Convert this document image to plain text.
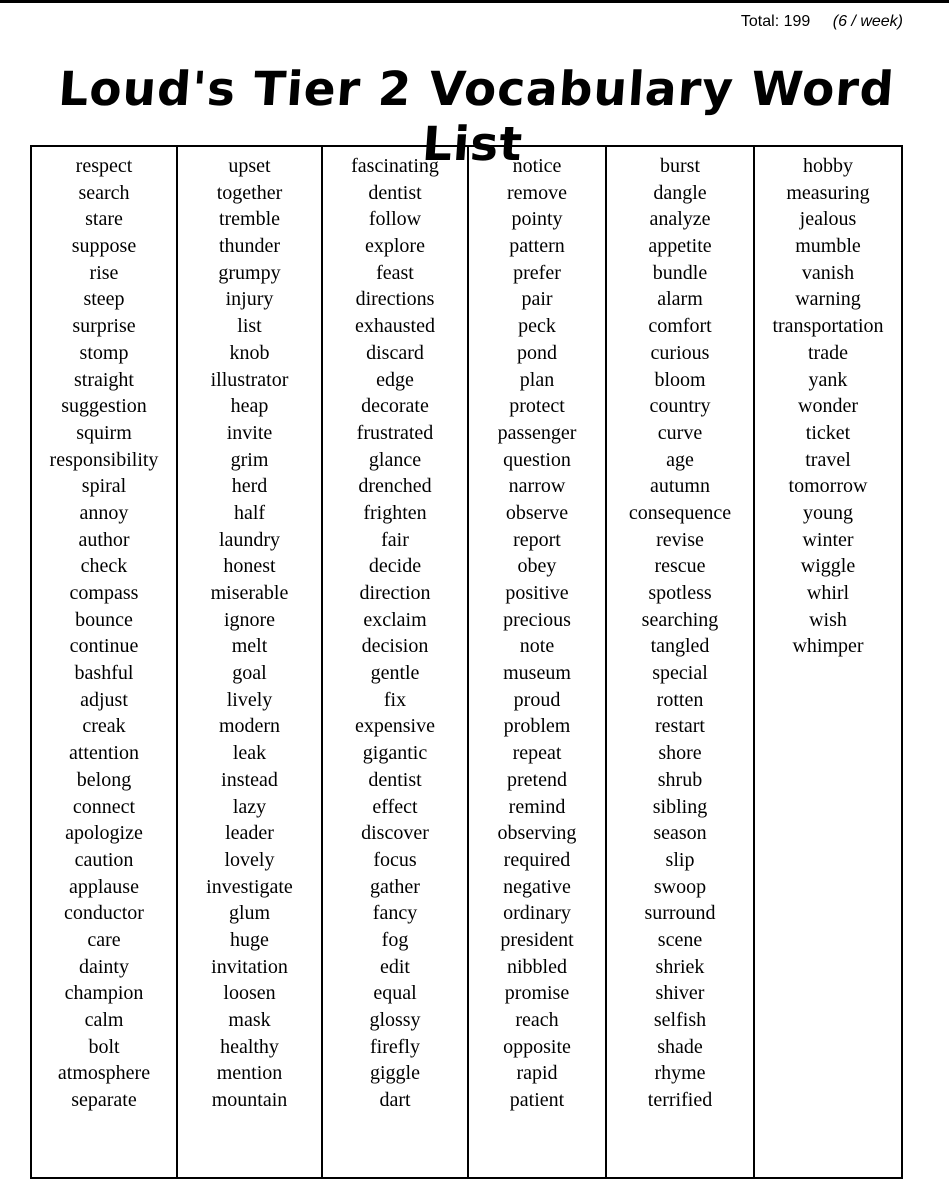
Total: 199 (6 / week)
Loud's Tier 2 Vocabulary Word List
respect
search
stare
suppose
rise
steep
surprise
stomp
straight
suggestion
squirm
responsibility
spiral
annoy
author
check
compass
bounce
continue
bashful
adjust
creak
attention
belong
connect
apologize
caution
applause
conductor
care
dainty
champion
calm
bolt
atmosphere
separate
upset
together
tremble
thunder
grumpy
injury
list
knob
illustrator
heap
invite
grim
herd
half
laundry
honest
miserable
ignore
melt
goal
lively
modern
leak
instead
lazy
leader
lovely
investigate
glum
huge
invitation
loosen
mask
healthy
mention
mountain
fascinating
dentist
follow
explore
feast
directions
exhausted
discard
edge
decorate
frustrated
glance
drenched
frighten
fair
decide
direction
exclaim
decision
gentle
fix
expensive
gigantic
dentist
effect
discover
focus
gather
fancy
fog
edit
equal
glossy
firefly
giggle
dart
notice
remove
pointy
pattern
prefer
pair
peck
pond
plan
protect
passenger
question
narrow
observe
report
obey
positive
precious
note
museum
proud
problem
repeat
pretend
remind
observing
required
negative
ordinary
president
nibbled
promise
reach
opposite
rapid
patient
burst
dangle
analyze
appetite
bundle
alarm
comfort
curious
bloom
country
curve
age
autumn
consequence
revise
rescue
spotless
searching
tangled
special
rotten
restart
shore
shrub
sibling
season
slip
swoop
surround
scene
shriek
shiver
selfish
shade
rhyme
terrified
hobby
measuring
jealous
mumble
vanish
warning
transportation
trade
yank
wonder
ticket
travel
tomorrow
young
winter
wiggle
whirl
wish
whimper
